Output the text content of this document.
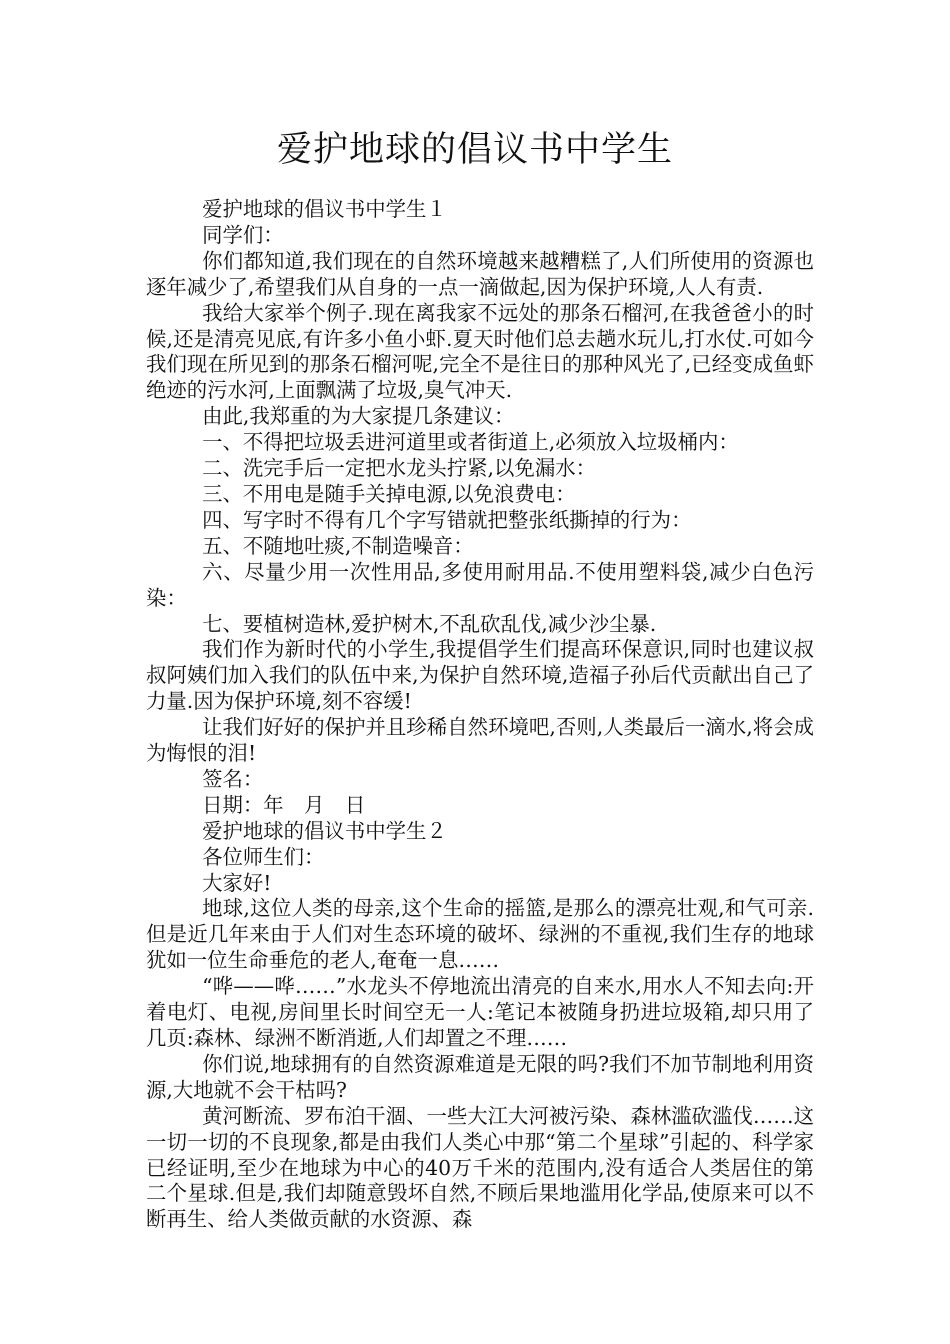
爱护地球的倡议书中学生

爱护地球的倡议书中学生１

同学们：

你们都知道,我们现在的自然环境越来越糟糕了,人们所使用的资源也逐年减少了,希望我们从自身的一点一滴做起,因为保护环境,人人有责.

我给大家举个例子.现在离我家不远处的那条石榴河,在我爸爸小的时候,还是清亮见底,有许多小鱼小虾.夏天时他们总去趟水玩儿,打水仗.可如今我们现在所见到的那条石榴河呢,完全不是往日的那种风光了,已经变成鱼虾绝迹的污水河,上面飘满了垃圾,臭气冲天.

由此,我郑重的为大家提几条建议：

一、不得把垃圾丢进河道里或者街道上,必须放入垃圾桶内：

二、洗完手后一定把水龙头拧紧,以免漏水：

三、不用电是随手关掉电源,以免浪费电：

四、写字时不得有几个字写错就把整张纸撕掉的行为：

五、不随地吐痰,不制造噪音：

六、尽量少用一次性用品,多使用耐用品.不使用塑料袋,减少白色污染：

七、要植树造林,爱护树木,不乱砍乱伐,减少沙尘暴.

我们作为新时代的小学生,我提倡学生们提高环保意识,同时也建议叔叔阿姨们加入我们的队伍中来,为保护自然环境,造福子孙后代贡献出自己了力量.因为保护环境,刻不容缓!

让我们好好的保护并且珍稀自然环境吧,否则,人类最后一滴水,将会成为悔恨的泪!

签名：

日期：年　月　日

爱护地球的倡议书中学生２

各位师生们：

大家好!

地球,这位人类的母亲,这个生命的摇篮,是那么的漂亮壮观,和气可亲.但是近几年来由于人们对生态环境的破坏、绿洲的不重视,我们生存的地球犹如一位生命垂危的老人,奄奄一息……

“哗——哗……”水龙头不停地流出清亮的自来水,用水人不知去向:开着电灯、电视,房间里长时间空无一人:笔记本被随身扔进垃圾箱,却只用了几页:森林、绿洲不断消逝,人们却置之不理……

你们说,地球拥有的自然资源难道是无限的吗?我们不加节制地利用资源,大地就不会干枯吗?

黄河断流、罗布泊干涸、一些大江大河被污染、森林滥砍滥伐……这一切一切的不良现象,都是由我们人类心中那“第二个星球”引起的、科学家已经证明,至少在地球为中心的40万千米的范围内,没有适合人类居住的第二个星球.但是,我们却随意毁坏自然,不顾后果地滥用化学品,使原来可以不断再生、给人类做贡献的水资源、森
